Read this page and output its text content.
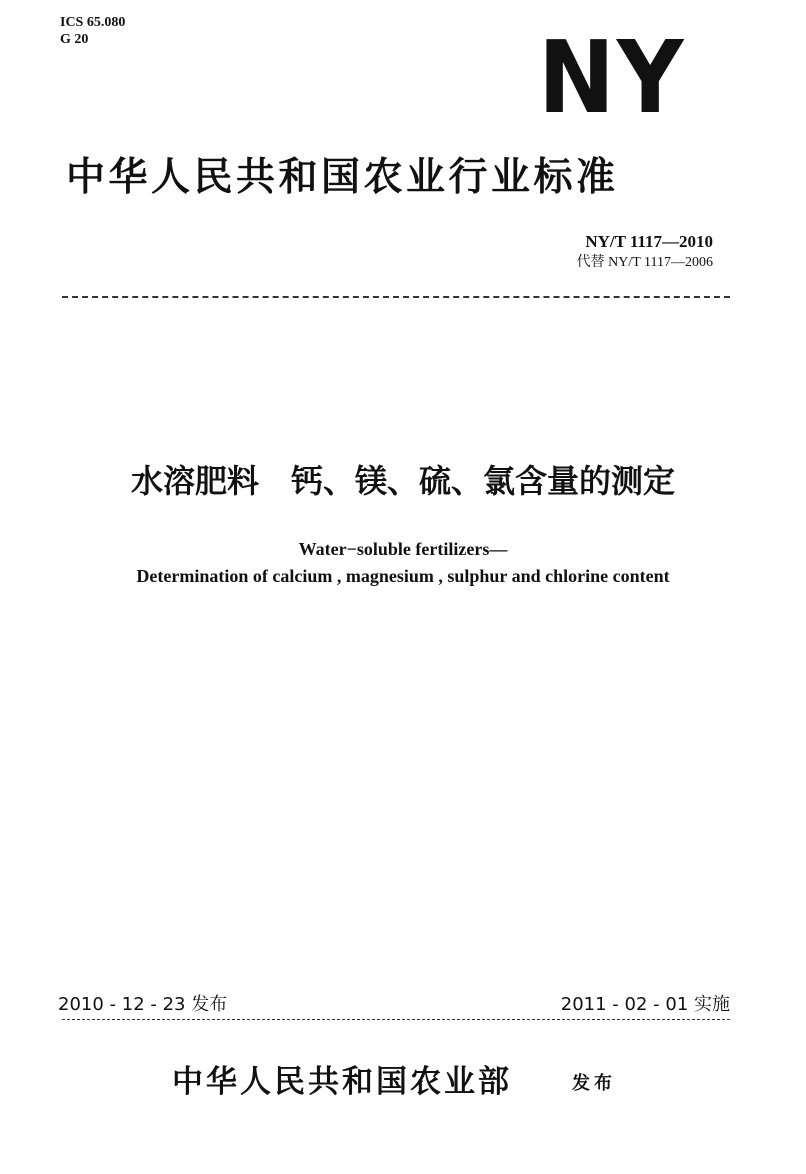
ICS 65.080
G 20	NY
中华人民共和国农业行业标准
NY/T 1117—2010
代替 NY/T 1117—2006
水溶肥料　钙、镁、硫、氯含量的测定
Water−soluble fertilizers—
Determination of calcium , magnesium , sulphur and chlorine content
2010 - 12 - 23 发布	2011 - 02 - 01 实施
中华人民共和国农业部	发布
